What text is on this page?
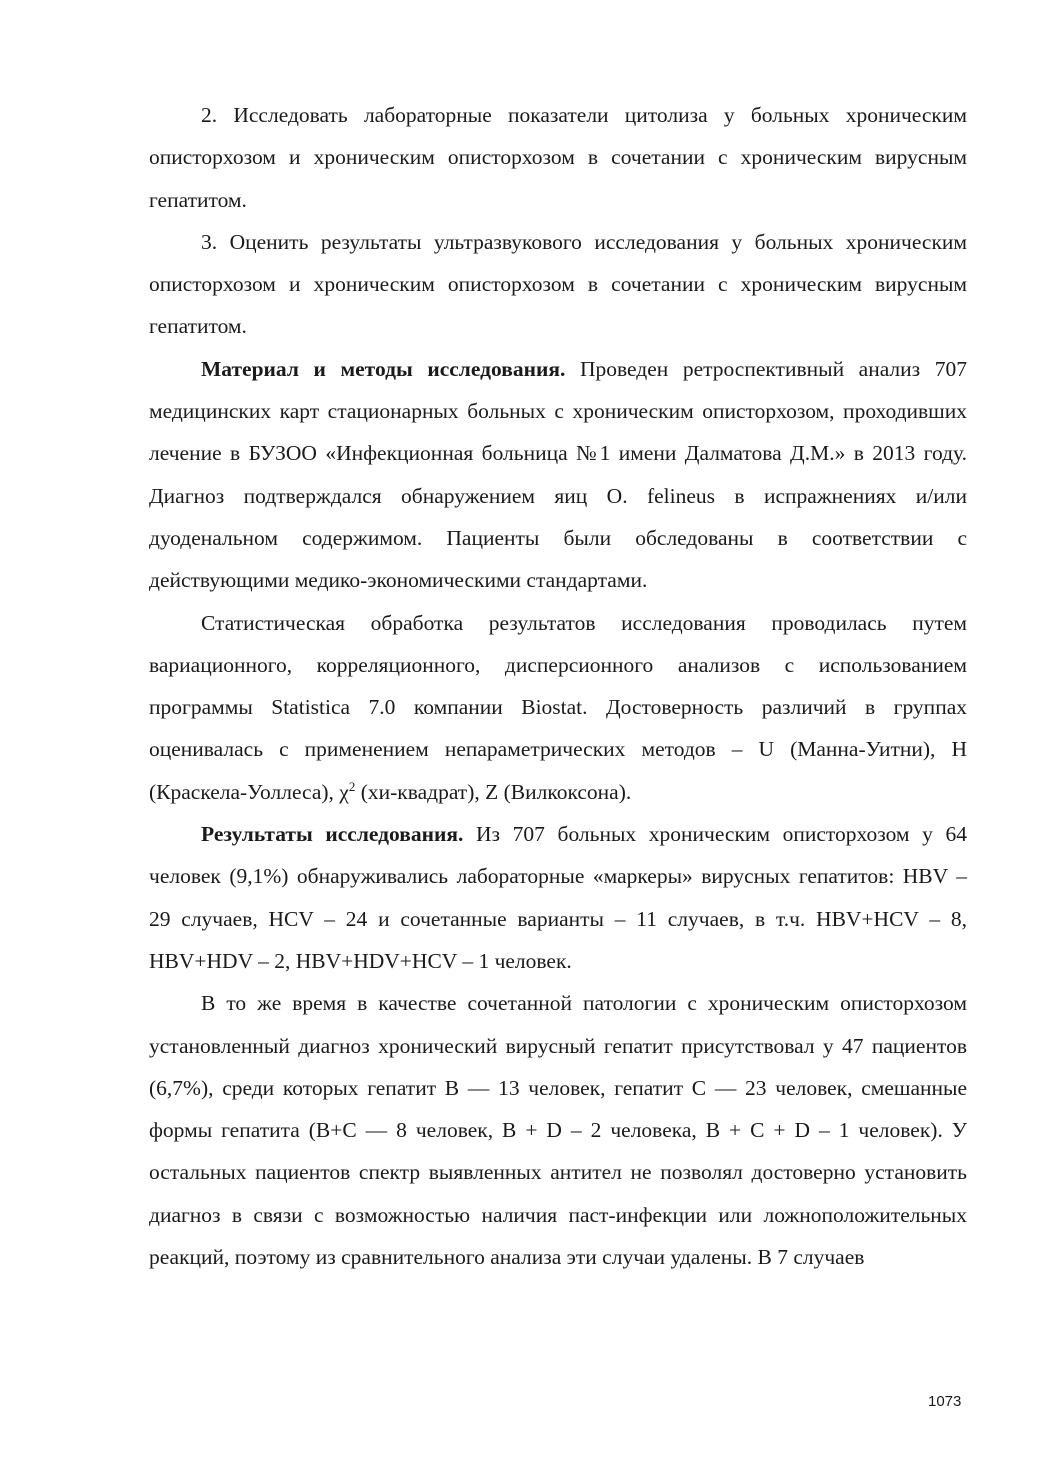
2. Исследовать лабораторные показатели цитолиза у больных хроническим описторхозом и хроническим описторхозом в сочетании с хроническим вирусным гепатитом.

3. Оценить результаты ультразвукового исследования у больных хроническим описторхозом и хроническим описторхозом в сочетании с хроническим вирусным гепатитом.

Материал и методы исследования. Проведен ретроспективный анализ 707 медицинских карт стационарных больных с хроническим описторхозом, проходивших лечение в БУЗОО «Инфекционная больница №1 имени Далматова Д.М.» в 2013 году. Диагноз подтверждался обнаружением яиц O. felineus в испражнениях и/или дуоденальном содержимом. Пациенты были обследованы в соответствии с действующими медико-экономическими стандартами.

Статистическая обработка результатов исследования проводилась путем вариационного, корреляционного, дисперсионного анализов с использованием программы Statistica 7.0 компании Biostat. Достоверность различий в группах оценивалась с применением непараметрических методов – U (Манна-Уитни), H (Краскела-Уоллеса), $\chi^2$ (хи-квадрат), Z (Вилкоксона).

Результаты исследования. Из 707 больных хроническим описторхозом у 64 человек (9,1%) обнаруживались лабораторные «маркеры» вирусных гепатитов: HBV – 29 случаев, HCV – 24 и сочетанные варианты – 11 случаев, в т.ч. HBV+HCV – 8, HBV+HDV – 2, HBV+HDV+HCV – 1 человек.

В то же время в качестве сочетанной патологии с хроническим описторхозом установленный диагноз хронический вирусный гепатит присутствовал у 47 пациентов (6,7%), среди которых гепатит B — 13 человек, гепатит C — 23 человек, смешанные формы гепатита (B+C — 8 человек, B + D – 2 человека, B + C + D – 1 человек). У остальных пациентов спектр выявленных антител не позволял достоверно установить диагноз в связи с возможностью наличия паст-инфекции или ложноположительных реакций, поэтому из сравнительного анализа эти случаи удалены. В 7 случаев

1073
